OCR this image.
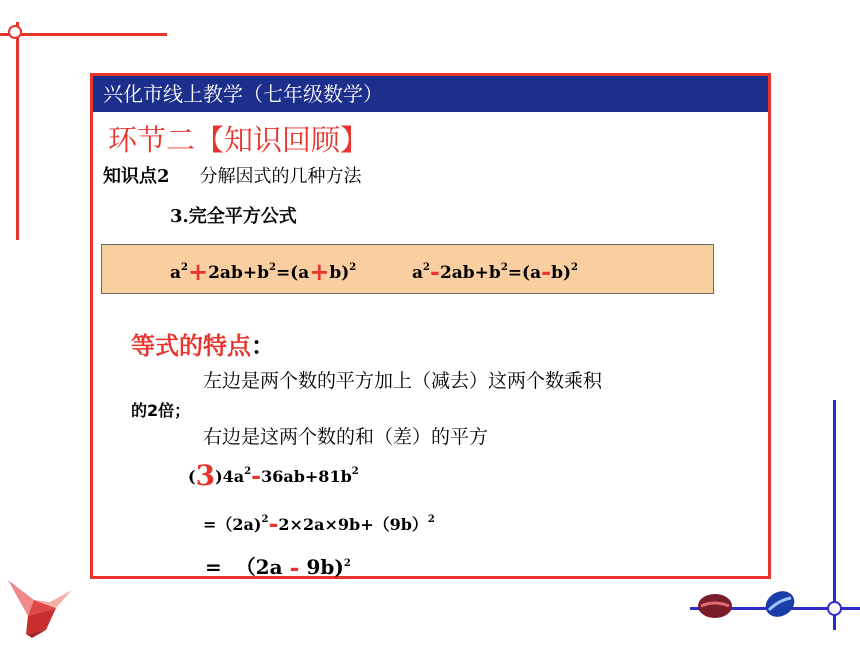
兴化市线上教学（七年级数学）
环节二【知识回顾】
知识点2 分解因式的几种方法
3.完全平方公式
$a^2+2ab+b^2=(a+b)^2$	$a^2-2ab+b^2=(a-b)^2$
等式的特点：
左边是两个数的平方加上（减去）这两个数乘积
的2倍；
右边是这两个数的和（差）的平方
$(3)4a^2-36ab+81b^2$
$=(2a)^2-2\times 2a\times 9b+(9b)^2$
=  （2a - 9b)$^2$
